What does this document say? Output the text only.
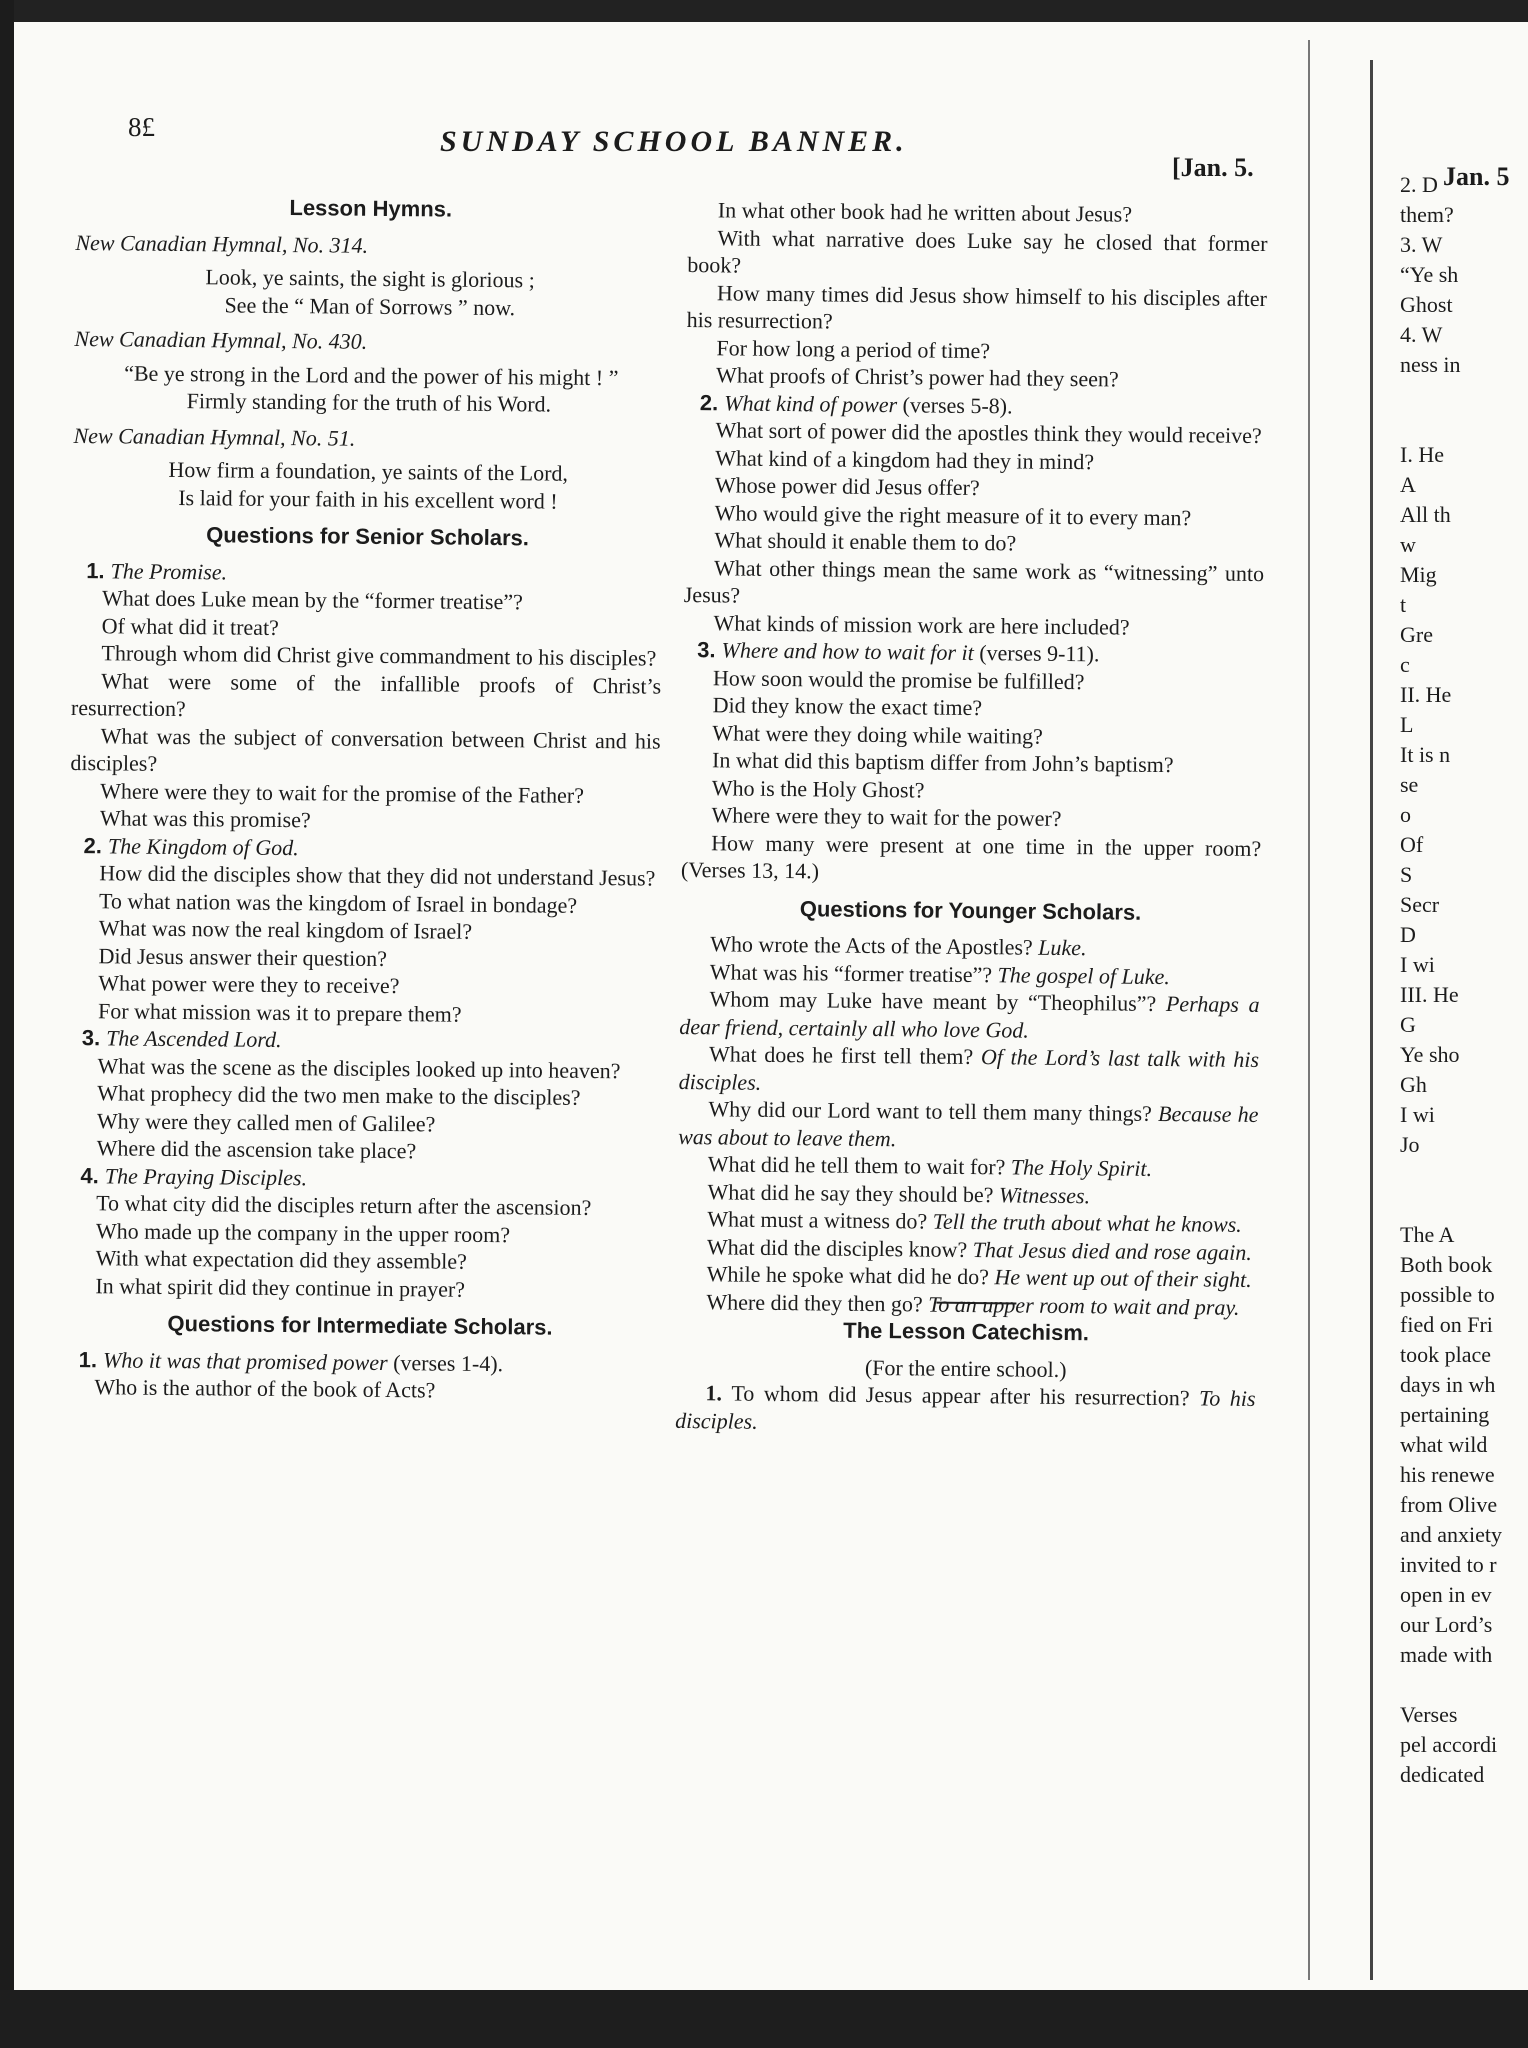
8£	SUNDAY SCHOOL BANNER.
[Jan. 5.	Jan. 5

Lesson Hymns.

New Canadian Hymnal, No. 314.

Look, ye saints, the sight is glorious ;

See the “ Man of Sorrows ” now.

New Canadian Hymnal, No. 430.

“Be ye strong in the Lord and the power of his might ! ”

Firmly standing for the truth of his Word.

New Canadian Hymnal, No. 51.

How firm a foundation, ye saints of the Lord,

Is laid for your faith in his excellent word !

Questions for Senior Scholars.

1. The Promise.

What does Luke mean by the “former treatise”?

Of what did it treat?

Through whom did Christ give commandment to his disciples?

What were some of the infallible proofs of Christ’s resurrection?

What was the subject of conversation between Christ and his disciples?

Where were they to wait for the promise of the Father?

What was this promise?

2. The Kingdom of God.

How did the disciples show that they did not understand Jesus?

To what nation was the kingdom of Israel in bondage?

What was now the real kingdom of Israel?

Did Jesus answer their question?

What power were they to receive?

For what mission was it to prepare them?

3. The Ascended Lord.

What was the scene as the disciples looked up into heaven?

What prophecy did the two men make to the disciples?

Why were they called men of Galilee?

Where did the ascension take place?

4. The Praying Disciples.

To what city did the disciples return after the ascension?

Who made up the company in the upper room?

With what expectation did they assemble?

In what spirit did they continue in prayer?

Questions for Intermediate Scholars.

1. Who it was that promised power (verses 1-4).

Who is the author of the book of Acts?

In what other book had he written about Jesus?

With what narrative does Luke say he closed that former book?

How many times did Jesus show himself to his disciples after his resurrection?

For how long a period of time?

What proofs of Christ’s power had they seen?

2. What kind of power (verses 5-8).

What sort of power did the apostles think they would receive?

What kind of a kingdom had they in mind?

Whose power did Jesus offer?

Who would give the right measure of it to every man?

What should it enable them to do?

What other things mean the same work as “witnessing” unto Jesus?

What kinds of mission work are here included?

3. Where and how to wait for it (verses 9-11).

How soon would the promise be fulfilled?

Did they know the exact time?

What were they doing while waiting?

In what did this baptism differ from John’s baptism?

Who is the Holy Ghost?

Where were they to wait for the power?

How many were present at one time in the upper room? (Verses 13, 14.)

Questions for Younger Scholars.

Who wrote the Acts of the Apostles? Luke.

What was his “former treatise”? The gospel of Luke.

Whom may Luke have meant by “Theophilus”? Perhaps a dear friend, certainly all who love God.

What does he first tell them? Of the Lord’s last talk with his disciples.

Why did our Lord want to tell them many things? Because he was about to leave them.

What did he tell them to wait for? The Holy Spirit.

What did he say they should be? Witnesses.

What must a witness do? Tell the truth about what he knows.

What did the disciples know? That Jesus died and rose again.

While he spoke what did he do? He went up out of their sight.

Where did they then go? To an upper room to wait and pray.

The Lesson Catechism.

(For the entire school.)

1. To whom did Jesus appear after his resurrection? To his disciples.

2. D

them?

3. W

“Ye sh

Ghost

4. W

ness in

I. He

A

All th

w

Mig

t

Gre

c

II. He

L

It is n

se

o

Of

S

Secr

D

I wi

III. He

G

Ye sho

Gh

I wi

Jo

The A

Both book

possible to

fied on Fri

took place

days in wh

pertaining

what wild

his renewe

from Olive

and anxiety

invited to r

open in ev

our Lord’s

made with

Verses

pel accordi

dedicated
